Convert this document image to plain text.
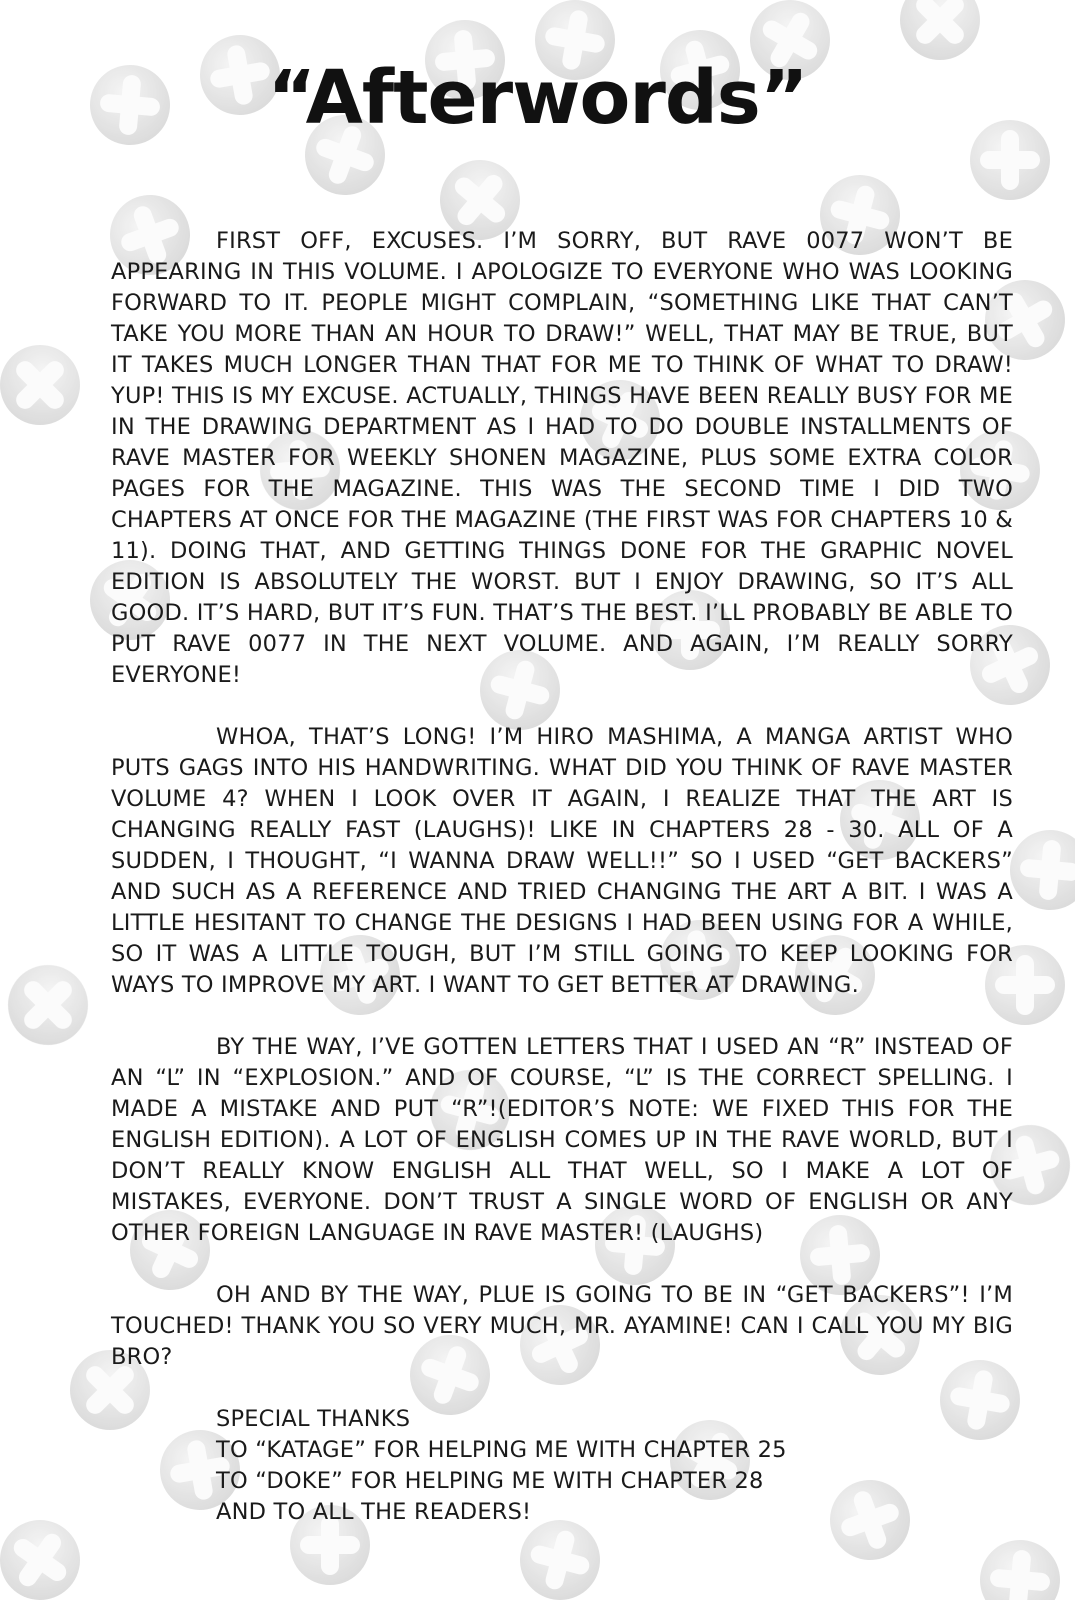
“Afterwords”

FIRST OFF, EXCUSES. I’M SORRY, BUT RAVE 0077 WON’T BE APPEARING IN THIS VOLUME. I APOLOGIZE TO EVERYONE WHO WAS LOOKING FORWARD TO IT. PEOPLE MIGHT COMPLAIN, “SOMETHING LIKE THAT CAN’T TAKE YOU MORE THAN AN HOUR TO DRAW!” WELL, THAT MAY BE TRUE, BUT IT TAKES MUCH LONGER THAN THAT FOR ME TO THINK OF WHAT TO DRAW! YUP! THIS IS MY EXCUSE. ACTUALLY, THINGS HAVE BEEN REALLY BUSY FOR ME IN THE DRAWING DEPARTMENT AS I HAD TO DO DOUBLE INSTALLMENTS OF RAVE MASTER FOR WEEKLY SHONEN MAGAZINE, PLUS SOME EXTRA COLOR PAGES FOR THE MAGAZINE. THIS WAS THE SECOND TIME I DID TWO CHAPTERS AT ONCE FOR THE MAGAZINE (THE FIRST WAS FOR CHAPTERS 10 & 11). DOING THAT, AND GETTING THINGS DONE FOR THE GRAPHIC NOVEL EDITION IS ABSOLUTELY THE WORST. BUT I ENJOY DRAWING, SO IT’S ALL GOOD. IT’S HARD, BUT IT’S FUN. THAT’S THE BEST. I’LL PROBABLY BE ABLE TO PUT RAVE 0077 IN THE NEXT VOLUME. AND AGAIN, I’M REALLY SORRY EVERYONE!

WHOA, THAT’S LONG! I’M HIRO MASHIMA, A MANGA ARTIST WHO PUTS GAGS INTO HIS HANDWRITING. WHAT DID YOU THINK OF RAVE MASTER VOLUME 4? WHEN I LOOK OVER IT AGAIN, I REALIZE THAT THE ART IS CHANGING REALLY FAST (LAUGHS)! LIKE IN CHAPTERS 28 - 30. ALL OF A SUDDEN, I THOUGHT, “I WANNA DRAW WELL!!” SO I USED “GET BACKERS” AND SUCH AS A REFERENCE AND TRIED CHANGING THE ART A BIT. I WAS A LITTLE HESITANT TO CHANGE THE DESIGNS I HAD BEEN USING FOR A WHILE, SO IT WAS A LITTLE TOUGH, BUT I’M STILL GOING TO KEEP LOOKING FOR WAYS TO IMPROVE MY ART. I WANT TO GET BETTER AT DRAWING.

BY THE WAY, I’VE GOTTEN LETTERS THAT I USED AN “R” INSTEAD OF AN “L” IN “EXPLOSION.” AND OF COURSE, “L” IS THE CORRECT SPELLING. I MADE A MISTAKE AND PUT “R”!(EDITOR’S NOTE: WE FIXED THIS FOR THE ENGLISH EDITION). A LOT OF ENGLISH COMES UP IN THE RAVE WORLD, BUT I DON’T REALLY KNOW ENGLISH ALL THAT WELL, SO I MAKE A LOT OF MISTAKES, EVERYONE. DON’T TRUST A SINGLE WORD OF ENGLISH OR ANY OTHER FOREIGN LANGUAGE IN RAVE MASTER! (LAUGHS)

OH AND BY THE WAY, PLUE IS GOING TO BE IN “GET BACKERS”! I’M TOUCHED! THANK YOU SO VERY MUCH, MR. AYAMINE! CAN I CALL YOU MY BIG BRO?

SPECIAL THANKS
TO “KATAGE” FOR HELPING ME WITH CHAPTER 25
TO “DOKE” FOR HELPING ME WITH CHAPTER 28
AND TO ALL THE READERS!
